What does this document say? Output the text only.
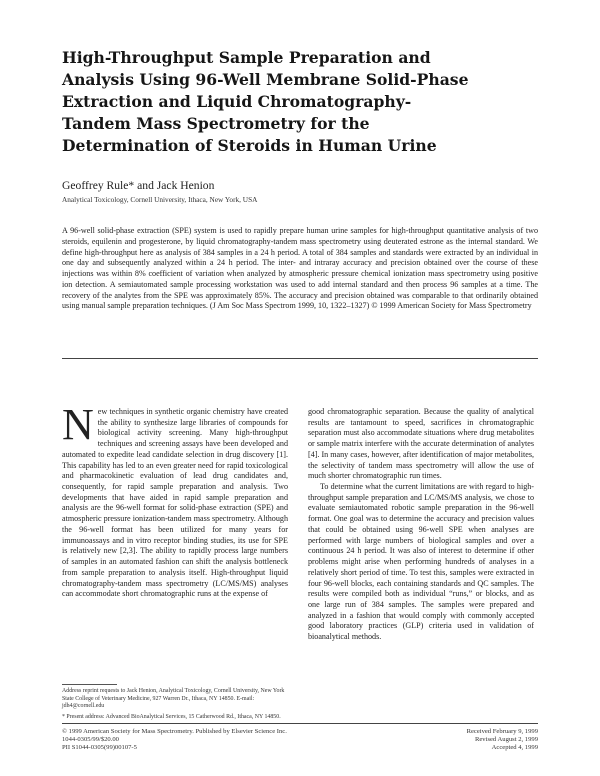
High-Throughput Sample Preparation and
Analysis Using 96-Well Membrane Solid-Phase
Extraction and Liquid Chromatography-
Tandem Mass Spectrometry for the
Determination of Steroids in Human Urine
Geoffrey Rule* and Jack Henion
Analytical Toxicology, Cornell University, Ithaca, New York, USA
A 96-well solid-phase extraction (SPE) system is used to rapidly prepare human urine samples for high-throughput quantitative analysis of two steroids, equilenin and progesterone, by liquid chromatography-tandem mass spectrometry using deuterated estrone as the internal standard. We define high-throughput here as analysis of 384 samples in a 24 h period. A total of 384 samples and standards were extracted by an individual in one day and subsequently analyzed within a 24 h period. The inter- and intraray accuracy and precision obtained over the course of these injections was within 8% coefficient of variation when analyzed by atmospheric pressure chemical ionization mass spectrometry using positive ion detection. A semiautomated sample processing workstation was used to add internal standard and then process 96 samples at a time. The recovery of the analytes from the SPE was approximately 85%. The accuracy and precision obtained was comparable to that ordinarily obtained using manual sample preparation techniques. (J Am Soc Mass Spectrom 1999, 10, 1322–1327) © 1999 American Society for Mass Spectrometry

New techniques in synthetic organic chemistry have created the ability to synthesize large libraries of compounds for biological activity screening. Many high-throughput techniques and screening assays have been developed and automated to expedite lead candidate selection in drug discovery [1]. This capability has led to an even greater need for rapid toxicological and pharmacokinetic evaluation of lead drug candidates and, consequently, for rapid sample preparation and analysis. Two developments that have aided in rapid sample preparation and analysis are the 96-well format for solid-phase extraction (SPE) and atmospheric pressure ionization-tandem mass spectrometry. Although the 96-well format has been utilized for many years for immunoassays and in vitro receptor binding studies, its use for SPE is relatively new [2,3]. The ability to rapidly process large numbers of samples in an automated fashion can shift the analysis bottleneck from sample preparation to analysis itself. High-throughput liquid chromatography-tandem mass spectrometry (LC/MS/MS) analyses can accommodate short chromatographic runs at the expense of

good chromatographic separation. Because the quality of analytical results are tantamount to speed, sacrifices in chromatographic separation must also accommodate situations where drug metabolites or sample matrix interfere with the accurate determination of analytes [4]. In many cases, however, after identification of major metabolites, the selectivity of tandem mass spectrometry will allow the use of much shorter chromatographic run times.

To determine what the current limitations are with regard to high-throughput sample preparation and LC/MS/MS analysis, we chose to evaluate semiautomated robotic sample preparation in the 96-well format. One goal was to determine the accuracy and precision values that could be obtained using 96-well SPE when analyses are performed with large numbers of biological samples and over a continuous 24 h period. It was also of interest to determine if other problems might arise when performing hundreds of analyses in a relatively short period of time. To test this, samples were extracted in four 96-well blocks, each containing standards and QC samples. The results were compiled both as individual “runs,” or blocks, and as one large run of 384 samples. The samples were prepared and analyzed in a fashion that would comply with commonly accepted good laboratory practices (GLP) criteria used in validation of bioanalytical methods.

Address reprint requests to Jack Henion, Analytical Toxicology, Cornell University, New York State College of Veterinary Medicine, 927 Warren Dr., Ithaca, NY 14850. E-mail: jdh4@cornell.edu

* Present address: Advanced BioAnalytical Services, 15 Catherwood Rd., Ithaca, NY 14850.

© 1999 American Society for Mass Spectrometry. Published by Elsevier Science Inc.
1044-0305/99/$20.00
PII S1044-0305(99)00107-5
Received February 9, 1999
Revised August 2, 1999
Accepted 4, 1999
